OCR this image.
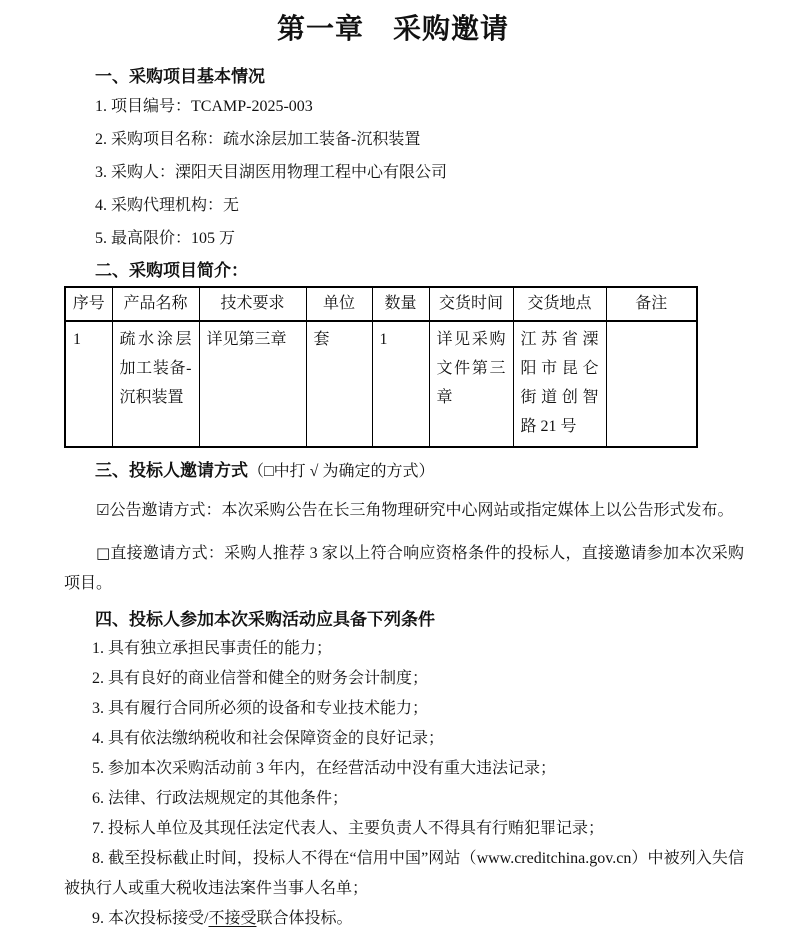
第一章　采购邀请
一、采购项目基本情况

1. 项目编号：TCAMP-2025-003

2. 采购项目名称：疏水涂层加工装备-沉积装置

3. 采购人：溧阳天目湖医用物理工程中心有限公司

4. 采购代理机构：无

5. 最高限价：105 万

二、采购项目简介：
序号	产品名称	技术要求	单位	数量	交货时间	交货地点	备注
1	疏水涂层加工装备-沉积装置	详见第三章	套	1	详见采购文件第三章	江苏省溧阳市昆仑街道创智路 21 号	
三、投标人邀请方式（□中打 √ 为确定的方式）

☑公告邀请方式：本次采购公告在长三角物理研究中心网站或指定媒体上以公告形式发布。

□直接邀请方式：采购人推荐 3 家以上符合响应资格条件的投标人，直接邀请参加本次采购项目。

四、投标人参加本次采购活动应具备下列条件

1. 具有独立承担民事责任的能力；

2. 具有良好的商业信誉和健全的财务会计制度；

3. 具有履行合同所必须的设备和专业技术能力；

4. 具有依法缴纳税收和社会保障资金的良好记录；

5. 参加本次采购活动前 3 年内，在经营活动中没有重大违法记录；

6. 法律、行政法规规定的其他条件；

7. 投标人单位及其现任法定代表人、主要负责人不得具有行贿犯罪记录；

8. 截至投标截止时间，投标人不得在“信用中国”网站（www.creditchina.gov.cn）中被列入失信被执行人或重大税收违法案件当事人名单；

9. 本次投标接受/不接受联合体投标。
